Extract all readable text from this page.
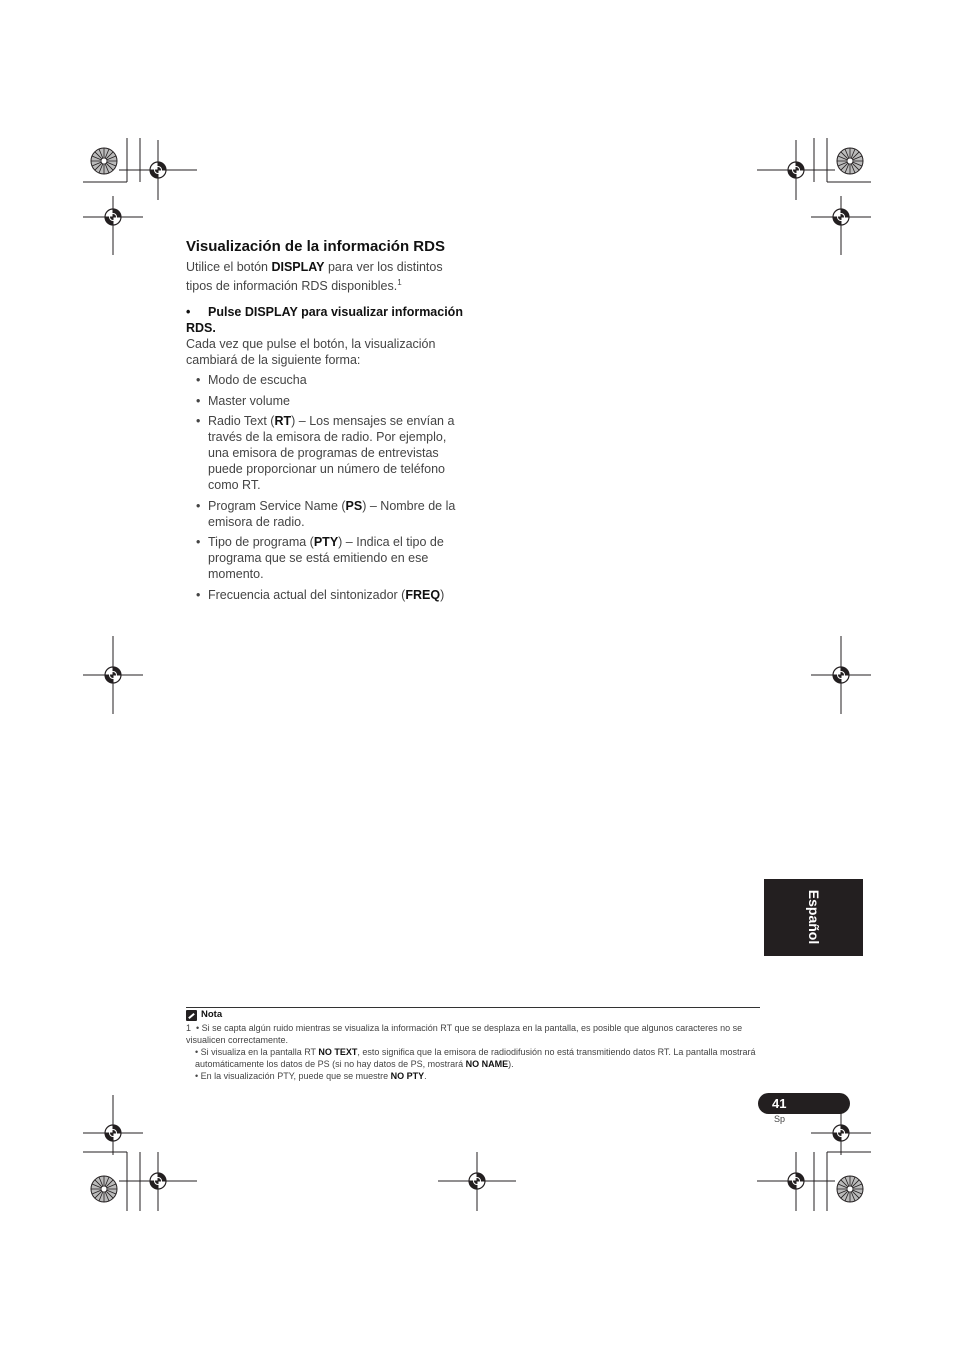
Visualización de la información RDS

Utilice el botón DISPLAY para ver los distintos tipos de información RDS disponibles.$^1$

• Pulse DISPLAY para visualizar información RDS.

Cada vez que pulse el botón, la visualización cambiará de la siguiente forma:

• Modo de escucha
• Master volume
• Radio Text (RT) – Los mensajes se envían a través de la emisora de radio. Por ejemplo, una emisora de programas de entrevistas puede proporcionar un número de teléfono como RT.
• Program Service Name (PS) – Nombre de la emisora de radio.
• Tipo de programa (PTY) – Indica el tipo de programa que se está emitiendo en ese momento.
• Frecuencia actual del sintonizador (FREQ)
Español
Nota

1 • Si se capta algún ruido mientras se visualiza la información RT que se desplaza en la pantalla, es posible que algunos caracteres no se visualicen correctamente.

• Si visualiza en la pantalla RT NO TEXT, esto significa que la emisora de radiodifusión no está transmitiendo datos RT. La pantalla mostrará automáticamente los datos de PS (si no hay datos de PS, mostrará NO NAME).

• En la visualización PTY, puede que se muestre NO PTY.

41
Sp
